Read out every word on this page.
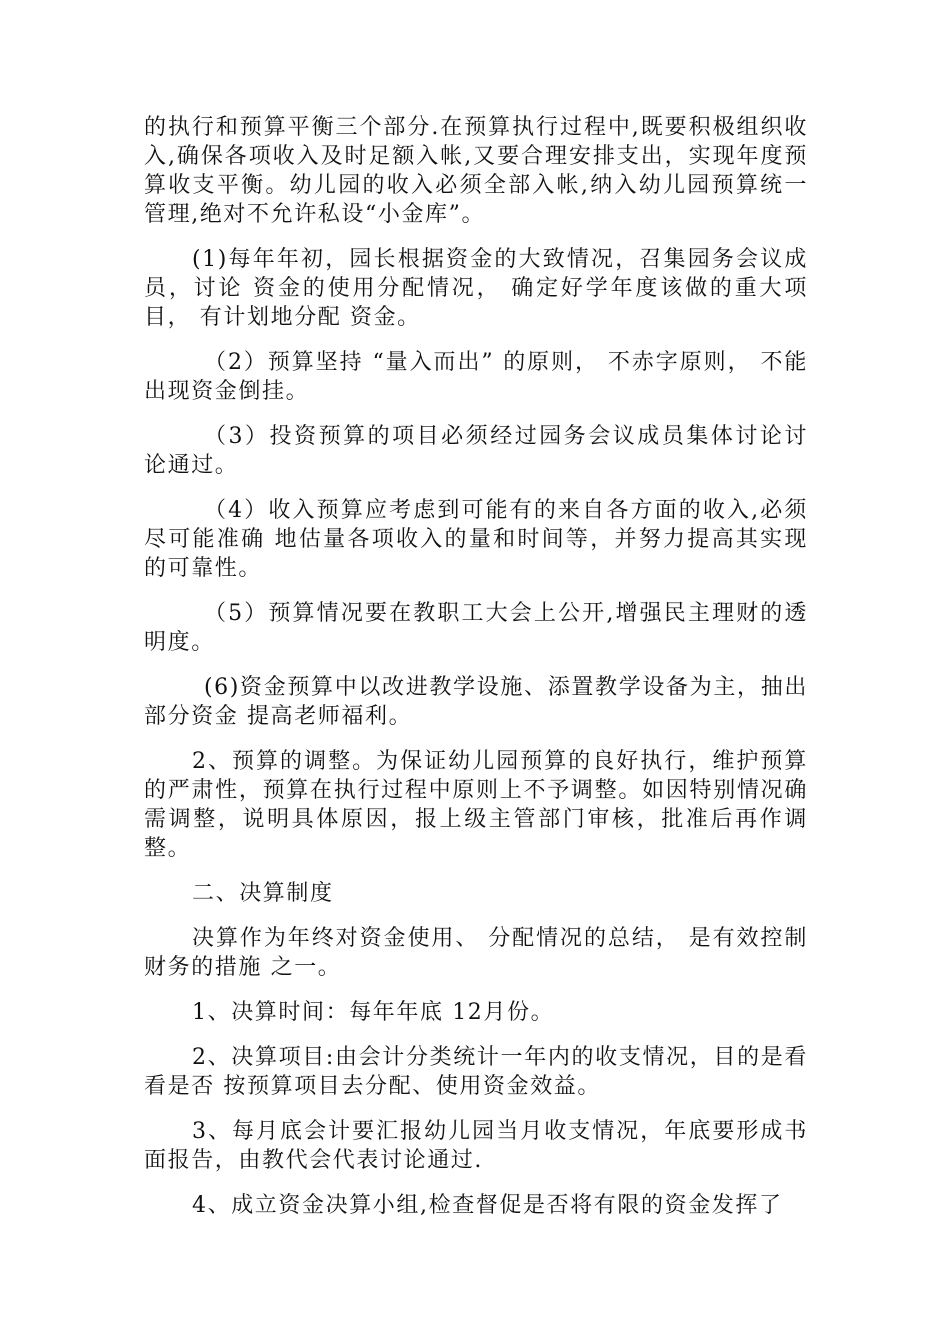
的执行和预算平衡三个部分.在预算执行过程中,既要积极组织收入,确保各项收入及时足额入帐,又要合理安排支出，实现年度预算收支平衡。幼儿园的收入必须全部入帐,纳入幼儿园预算统一管理,绝对不允许私设“小金库”。

(1)每年年初，园长根据资金的大致情况，召集园务会议成员，讨论 资金的使用分配情况， 确定好学年度该做的重大项目， 有计划地分配 资金。

（2）预算坚持 “量入而出” 的原则， 不赤字原则， 不能出现资金倒挂。

（3）投资预算的项目必须经过园务会议成员集体讨论讨论通过。

（4）收入预算应考虑到可能有的来自各方面的收入,必须尽可能准确 地估量各项收入的量和时间等，并努力提高其实现的可靠性。

（5）预算情况要在教职工大会上公开,增强民主理财的透明度。

(6)资金预算中以改进教学设施、添置教学设备为主，抽出部分资金 提高老师福利。

2、预算的调整。为保证幼儿园预算的良好执行，维护预算的严肃性，预算在执行过程中原则上不予调整。如因特别情况确需调整，说明具体原因，报上级主管部门审核，批准后再作调整。

二、决算制度

决算作为年终对资金使用、 分配情况的总结， 是有效控制财务的措施 之一。

1、决算时间：每年年底 12月份。

2、决算项目:由会计分类统计一年内的收支情况，目的是看看是否 按预算项目去分配、使用资金效益。

3、每月底会计要汇报幼儿园当月收支情况，年底要形成书面报告，由教代会代表讨论通过.

4、成立资金决算小组,检查督促是否将有限的资金发挥了
